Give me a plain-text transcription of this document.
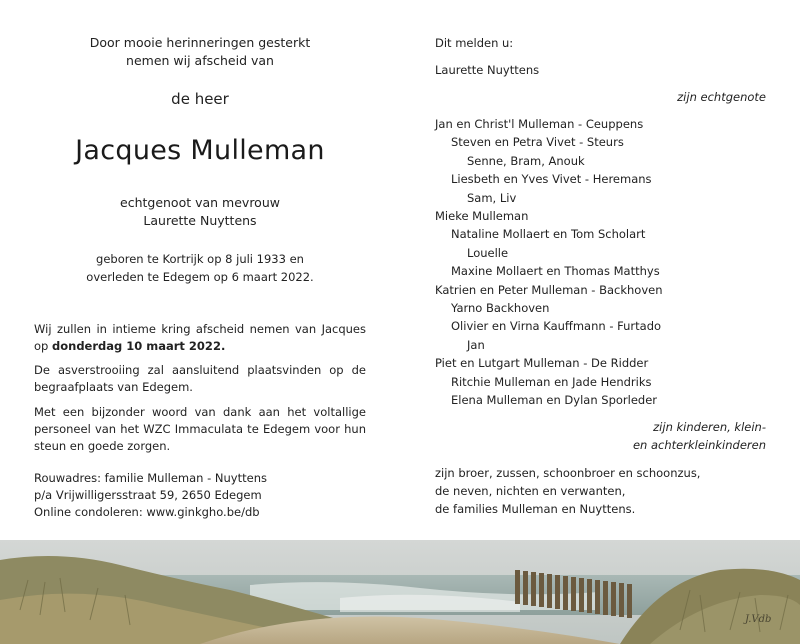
Door mooie herinneringen gesterkt
nemen wij afscheid van
de heer
Jacques Mulleman
echtgenoot van mevrouw
Laurette Nuyttens
geboren te Kortrijk op 8 juli 1933 en
overleden te Edegem op 6 maart 2022.
Wij zullen in intieme kring afscheid nemen van Jacques op donderdag 10 maart 2022.
De asverstrooiing zal aansluitend plaatsvinden op de begraafplaats van Edegem.
Met een bijzonder woord van dank aan het voltallige personeel van het WZC Immaculata te Edegem voor hun steun en goede zorgen.
Rouwadres: familie Mulleman - Nuyttens
p/a Vrijwilligersstraat 59, 2650 Edegem
Online condoleren: www.ginkgho.be/db
Dit melden u:
Laurette Nuyttens
zijn echtgenote
Jan en Christ'l Mulleman - Ceuppens
Steven en Petra Vivet - Steurs
Senne, Bram, Anouk
Liesbeth en Yves Vivet - Heremans
Sam, Liv
Mieke Mulleman
Nataline Mollaert en Tom Scholart
Louelle
Maxine Mollaert en Thomas Matthys
Katrien en Peter Mulleman - Backhoven
Yarno Backhoven
Olivier en Virna Kauffmann - Furtado
Jan
Piet en Lutgart Mulleman - De Ridder
Ritchie Mulleman en Jade Hendriks
Elena Mulleman en Dylan Sporleder
zijn kinderen, klein-
en achterkleinkinderen
zijn broer, zussen, schoonbroer en schoonzus,
de neven, nichten en verwanten,
de families Mulleman en Nuyttens.
J.Vdb
